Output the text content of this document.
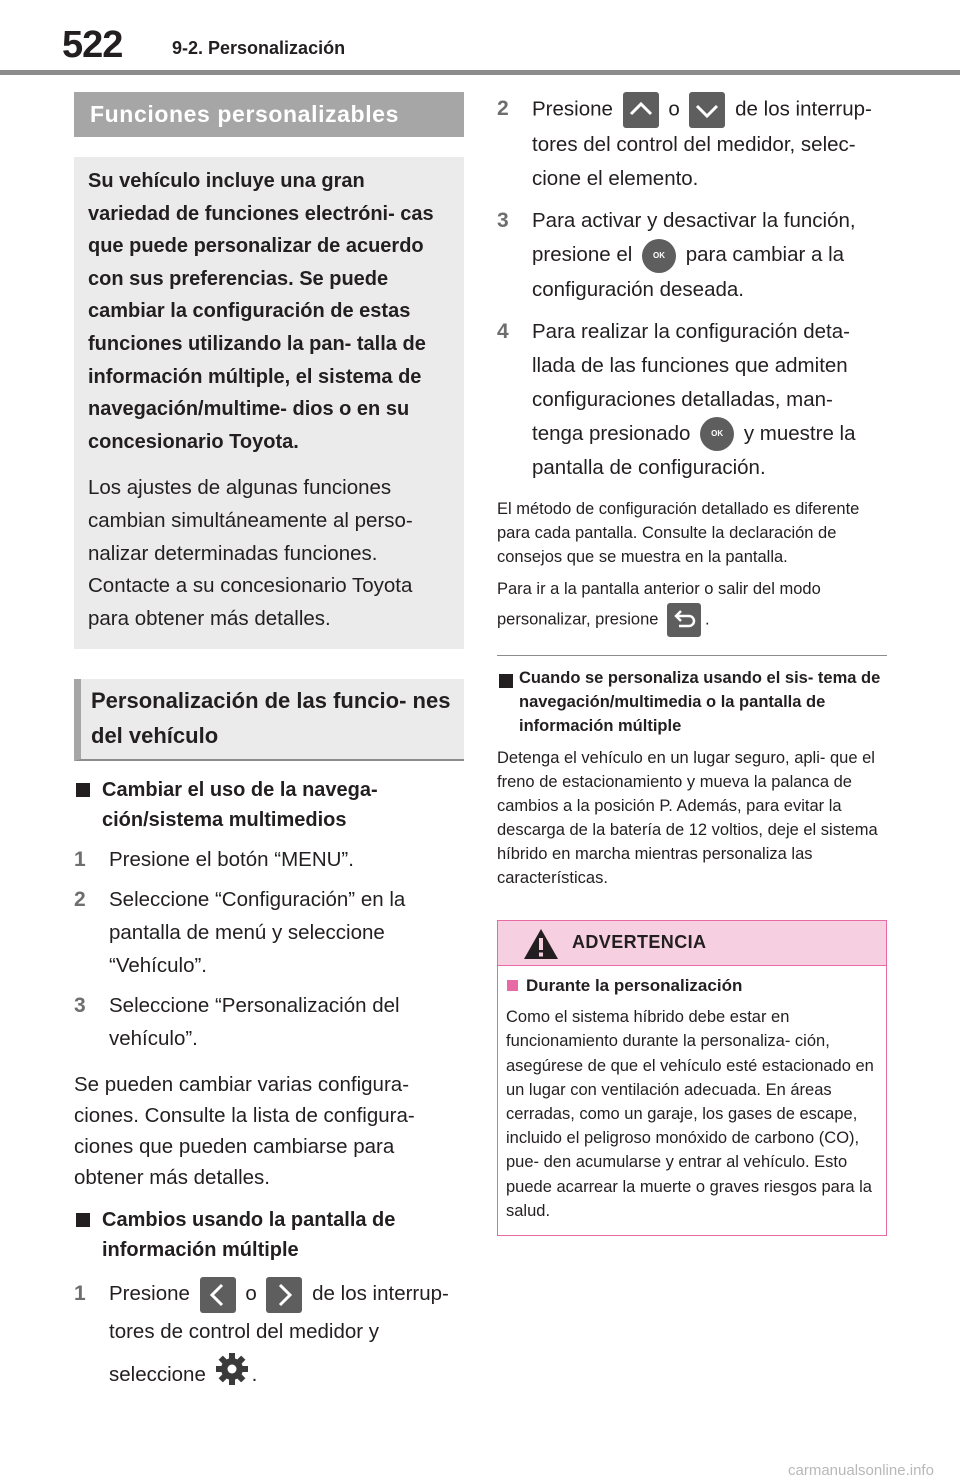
522	9-2. Personalización
Funciones personalizables

Su vehículo incluye una gran variedad de funciones electróni- cas que puede personalizar de acuerdo con sus preferencias. Se puede cambiar la configuración de estas funciones utilizando la pan- talla de información múltiple, el sistema de navegación/multime- dios o en su concesionario Toyota.

Los ajustes de algunas funciones cambian simultáneamente al perso- nalizar determinadas funciones. Contacte a su concesionario Toyota para obtener más detalles.

Personalización de las funcio- nes del vehículo
Cambiar el uso de la navega- ción/sistema multimedios
1 Presione el botón “MENU”.
2 Seleccione “Configuración” en la pantalla de menú y seleccione “Vehículo”.
3 Seleccione “Personalización del vehículo”.

Se pueden cambiar varias configura- ciones. Consulte la lista de configura- ciones que pueden cambiarse para obtener más detalles.

Cambios usando la pantalla de información múltiple
1 Presione	o	de los interrup- tores de control del medidor y seleccione .
2 Presione	o	de los interrup- tores del control del medidor, selec- cione el elemento.
3 Para activar y desactivar la función, presione el	OK para cambiar a la configuración deseada.
4 Para realizar la configuración deta- llada de las funciones que admiten configuraciones detalladas, man- tenga presionado	OK y muestre la pantalla de configuración.

El método de configuración detallado es diferente para cada pantalla. Consulte la declaración de consejos que se muestra en la pantalla.

Para ir a la pantalla anterior o salir del modo personalizar, presione	.

Cuando se personaliza usando el sis- tema de navegación/multimedia o la pantalla de información múltiple

Detenga el vehículo en un lugar seguro, apli- que el freno de estacionamiento y mueva la palanca de cambios a la posición P. Además, para evitar la descarga de la batería de 12 voltios, deje el sistema híbrido en marcha mientras personaliza las características.

ADVERTENCIA
Durante la personalización

Como el sistema híbrido debe estar en funcionamiento durante la personaliza- ción, asegúrese de que el vehículo esté estacionado en un lugar con ventilación adecuada. En áreas cerradas, como un garaje, los gases de escape, incluido el peligroso monóxido de carbono (CO), pue- den acumularse y entrar al vehículo. Esto puede acarrear la muerte o graves riesgos para la salud.

carmanualsonline.info
